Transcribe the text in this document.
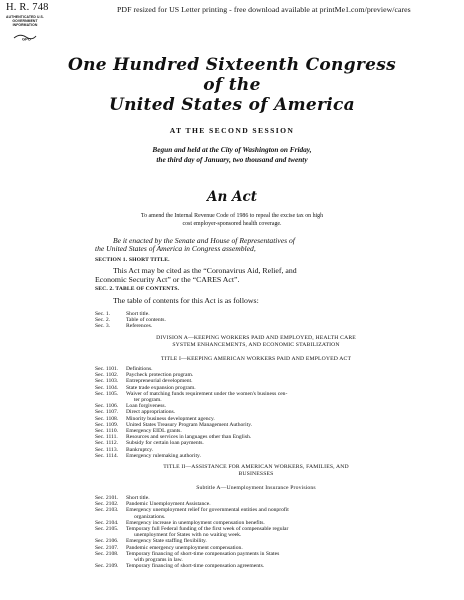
H. R. 748
AUTHENTICATED U.S. GOVERNMENT INFORMATION
GPO
PDF resized for US Letter printing - free download available at printMe1.com/preview/cares
One Hundred Sixteenth Congress
of the
United States of America
AT THE SECOND SESSION
Begun and held at the City of Washington on Friday,
the third day of January, two thousand and twenty
An Act
To amend the Internal Revenue Code of 1986 to repeal the excise tax on high
cost employer-sponsored health coverage.
Be it enacted by the Senate and House of Representatives of
the United States of America in Congress assembled,
SECTION 1. SHORT TITLE.
This Act may be cited as the “Coronavirus Aid, Relief, and
Economic Security Act” or the “CARES Act”.
SEC. 2. TABLE OF CONTENTS.
The table of contents for this Act is as follows:
Sec. 1.	Short title.
Sec. 2.	Table of contents.
Sec. 3.	References.
DIVISION A—KEEPING WORKERS PAID AND EMPLOYED, HEALTH CARE
SYSTEM ENHANCEMENTS, AND ECONOMIC STABILIZATION
TITLE I—KEEPING AMERICAN WORKERS PAID AND EMPLOYED ACT
Sec. 1101.	Definitions.
Sec. 1102.	Paycheck protection program.
Sec. 1103.	Entrepreneurial development.
Sec. 1104.	State trade expansion program.
Sec. 1105.	Waiver of matching funds requirement under the women's business cen-
ter program.
Sec. 1106.	Loan forgiveness.
Sec. 1107.	Direct appropriations.
Sec. 1108.	Minority business development agency.
Sec. 1109.	United States Treasury Program Management Authority.
Sec. 1110.	Emergency EIDL grants.
Sec. 1111.	Resources and services in languages other than English.
Sec. 1112.	Subsidy for certain loan payments.
Sec. 1113.	Bankruptcy.
Sec. 1114.	Emergency rulemaking authority.
TITLE II—ASSISTANCE FOR AMERICAN WORKERS, FAMILIES, AND
BUSINESSES
Subtitle A—Unemployment Insurance Provisions
Sec. 2101.	Short title.
Sec. 2102.	Pandemic Unemployment Assistance.
Sec. 2103.	Emergency unemployment relief for governmental entities and nonprofit
organizations.
Sec. 2104.	Emergency increase in unemployment compensation benefits.
Sec. 2105.	Temporary full Federal funding of the first week of compensable regular
unemployment for States with no waiting week.
Sec. 2106.	Emergency State staffing flexibility.
Sec. 2107.	Pandemic emergency unemployment compensation.
Sec. 2108.	Temporary financing of short-time compensation payments in States
with programs in law.
Sec. 2109.	Temporary financing of short-time compensation agreements.
